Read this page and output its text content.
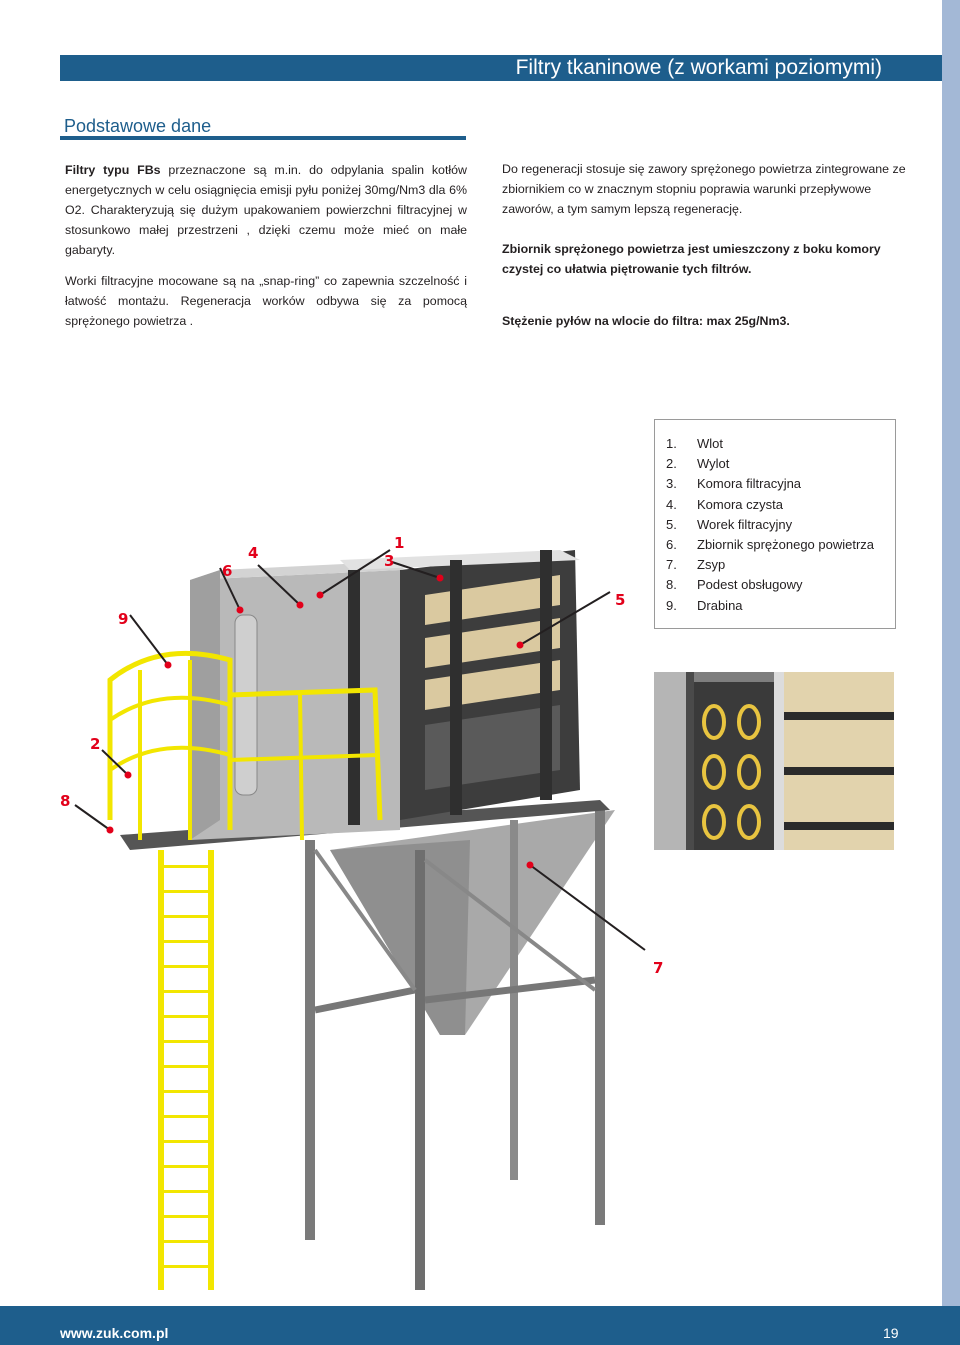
Filtry tkaninowe (z workami poziomymi)
Podstawowe dane

Filtry typu FBs przeznaczone są m.in. do odpylania spalin kotłów energetycznych w celu osiągnięcia emisji pyłu poniżej 30mg/Nm3 dla 6% O2. Charakteryzują się dużym upakowaniem powierzchni filtracyjnej w stosunkowo małej przestrzeni , dzięki czemu może mieć on małe gabaryty.

Worki filtracyjne mocowane są na „snap-ring” co zapewnia szczelność i łatwość montażu. Regeneracja worków odbywa się za pomocą sprężonego powietrza .

Do regeneracji stosuje się zawory sprężonego powietrza zintegrowane ze zbiornikiem co w znacznym stopniu poprawia warunki przepływowe zaworów, a tym samym lepszą regenerację.

Zbiornik sprężonego powietrza jest umieszczony z boku komory czystej co ułatwia piętrowanie tych filtrów.

Stężenie pyłów na wlocie do filtra: max 25g/Nm3.

1. Wlot
2. Wylot
3. Komora filtracyjna
4. Komora czysta
5. Worek filtracyjny
6. Zbiornik sprężonego powietrza
7. Zsyp
8. Podest obsługowy
9. Drabina
4
6
1
3
5
9
2
8
7
www.zuk.com.pl	19
